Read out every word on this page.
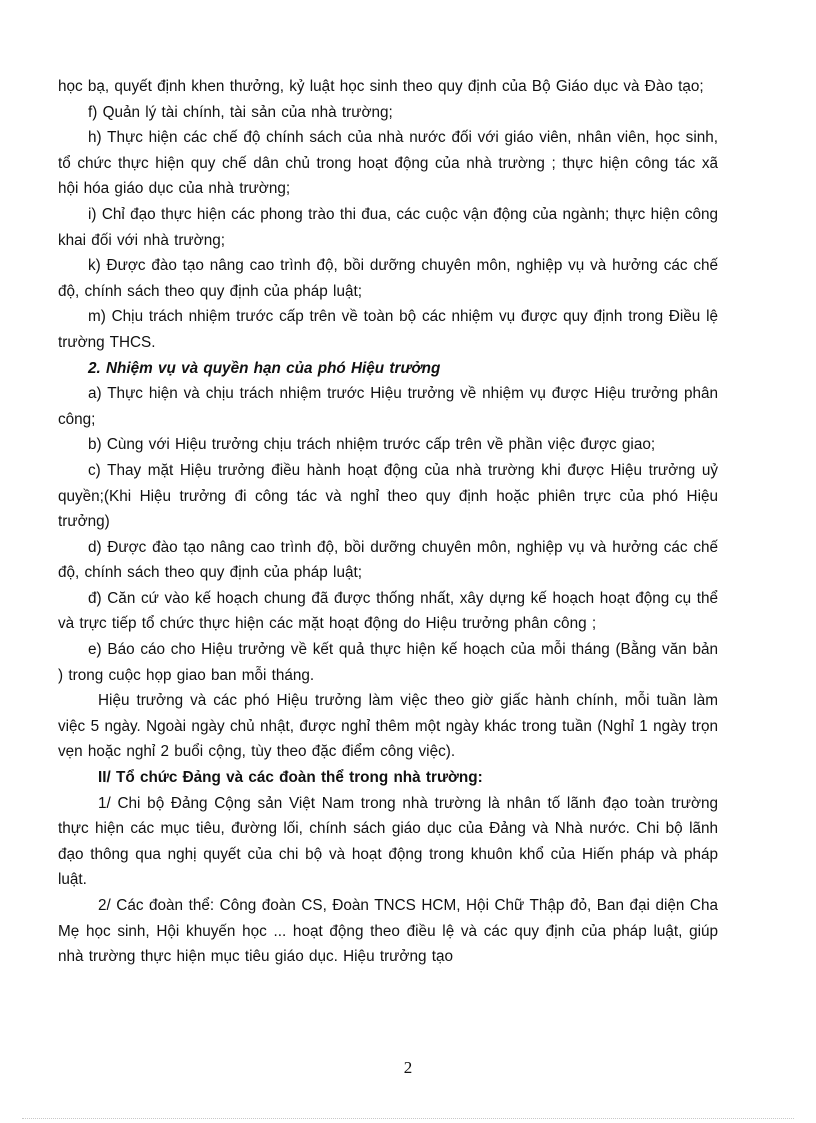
học bạ, quyết định khen thưởng, kỷ luật học sinh theo quy định của Bộ Giáo dục và Đào tạo;

f) Quản lý tài chính, tài sản của nhà trường;

h) Thực hiện các chế độ chính sách của nhà nước đối với giáo viên, nhân viên, học sinh, tổ chức thực hiện quy chế dân chủ trong hoạt động của nhà trường ; thực hiện công tác xã hội hóa giáo dục của nhà trường;

i) Chỉ đạo thực hiện các phong trào thi đua, các cuộc vận động của ngành; thực hiện công khai đối với nhà trường;

k) Được đào tạo nâng cao trình độ, bồi dưỡng chuyên môn, nghiệp vụ và hưởng các chế độ, chính sách theo quy định của pháp luật;

m) Chịu trách nhiệm trước cấp trên về toàn bộ các nhiệm vụ được quy định trong Điều lệ trường THCS.

2. Nhiệm vụ và quyền hạn của phó Hiệu trưởng

a) Thực hiện và chịu trách nhiệm trước Hiệu trưởng về nhiệm vụ được Hiệu trưởng phân công;

b) Cùng với Hiệu trưởng chịu trách nhiệm trước cấp trên về phần việc được giao;

c) Thay mặt Hiệu trưởng điều hành hoạt động của nhà trường khi được Hiệu trưởng uỷ quyền;(Khi Hiệu trưởng đi công tác và nghỉ theo quy định hoặc phiên trực của phó Hiệu trưởng)

d) Được đào tạo nâng cao trình độ, bồi dưỡng chuyên môn, nghiệp vụ và hưởng các chế độ, chính sách theo quy định của pháp luật;

đ) Căn cứ vào kế hoạch chung đã được thống nhất, xây dựng kế hoạch hoạt động cụ thể và trực tiếp tổ chức thực hiện các mặt hoạt động do Hiệu trưởng phân công ;

e) Báo cáo cho Hiệu trưởng về kết quả thực hiện kế hoạch của mỗi tháng (Bằng văn bản ) trong cuộc họp giao ban mỗi tháng.

Hiệu trưởng và các phó Hiệu trưởng làm việc theo giờ giấc hành chính, mỗi tuần làm việc 5 ngày. Ngoài ngày chủ nhật, được nghỉ thêm một ngày khác trong tuần (Nghỉ 1 ngày trọn vẹn hoặc nghỉ 2 buổi cộng, tùy theo đặc điểm công việc).

II/ Tổ chức Đảng và các đoàn thể trong nhà trường:

1/ Chi bộ Đảng Cộng sản Việt Nam trong nhà trường là nhân tố lãnh đạo toàn trường thực hiện các mục tiêu, đường lối, chính sách giáo dục của Đảng và Nhà nước. Chi bộ lãnh đạo thông qua nghị quyết của chi bộ và hoạt động trong khuôn khổ của Hiến pháp và pháp luật.

2/ Các đoàn thể: Công đoàn CS, Đoàn TNCS HCM, Hội Chữ Thập đỏ, Ban đại diện Cha Mẹ học sinh, Hội khuyến học ... hoạt động theo điều lệ và các quy định của pháp luật, giúp nhà trường thực hiện mục tiêu giáo dục. Hiệu trưởng tạo

2
